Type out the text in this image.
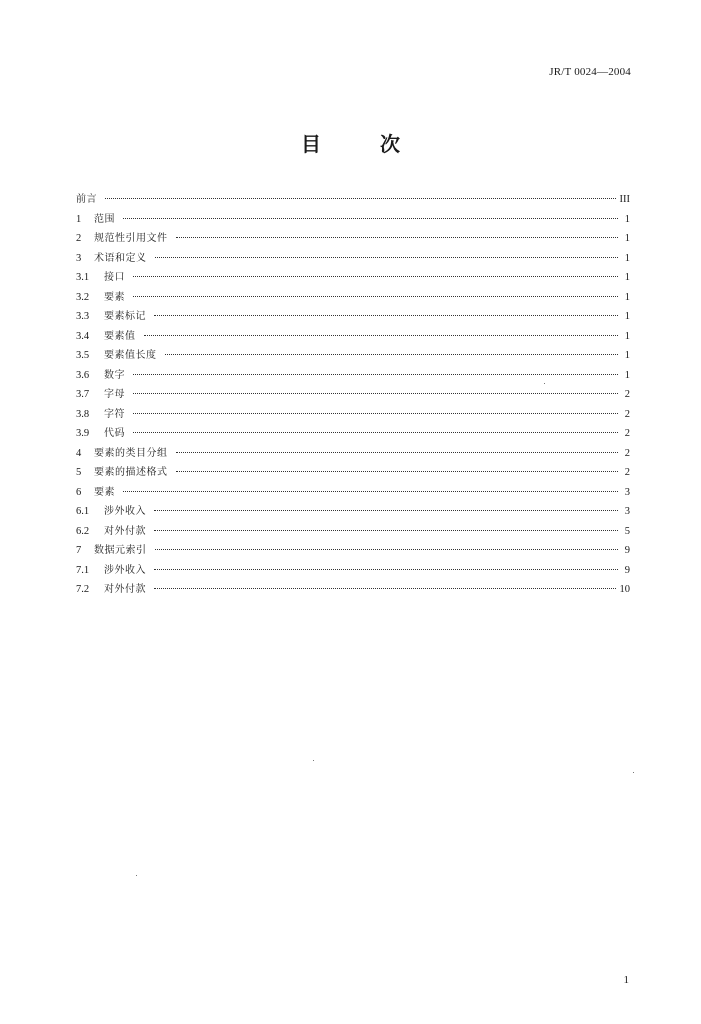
JR/T 0024—2004
目 次
前言	III
1	范围	1
2	规范性引用文件	1
3	术语和定义	1
3.1	接口	1
3.2	要素	1
3.3	要素标记	1
3.4	要素值	1
3.5	要素值长度	1
3.6	数字	1
3.7	字母	2
3.8	字符	2
3.9	代码	2
4	要素的类目分组	2
5	要素的描述格式	2
6	要素	3
6.1	涉外收入	3
6.2	对外付款	5
7	数据元索引	9
7.1	涉外收入	9
7.2	对外付款	10
1
